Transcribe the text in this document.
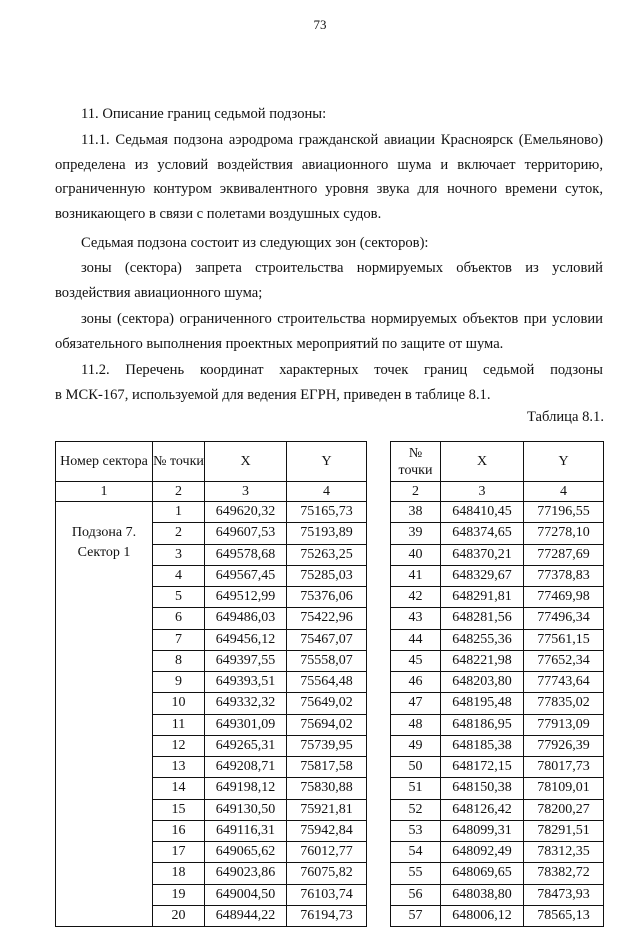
73

11. Описание границ седьмой подзоны:

11.1. Седьмая подзона аэродрома гражданской авиации Красноярск (Емельяново)
определена из условий воздействия авиационного шума и включает территорию,
ограниченную контуром эквивалентного уровня звука для ночного времени суток,
возникающего в связи с полетами воздушных судов.

Седьмая подзона состоит из следующих зон (секторов):

зоны (сектора) запрета строительства нормируемых объектов из условий
воздействия авиационного шума;
зоны (сектора) ограниченного строительства нормируемых объектов при условии
обязательного выполнения проектных мероприятий по защите от шума.
11.2. Перечень координат характерных точек границ седьмой подзоны
в МСК-167, используемой для ведения ЕГРН, приведен в таблице 8.1.
Таблица 8.1.
Номер сектора	№ точки	X	Y
1	2	3	4
Подзона 7. Сектор 1	1	649620,32	75165,73
	2	649607,53	75193,89
	3	649578,68	75263,25
	4	649567,45	75285,03
	5	649512,99	75376,06
	6	649486,03	75422,96
	7	649456,12	75467,07
	8	649397,55	75558,07
	9	649393,51	75564,48
	10	649332,32	75649,02
	11	649301,09	75694,02
	12	649265,31	75739,95
	13	649208,71	75817,58
	14	649198,12	75830,88
	15	649130,50	75921,81
	16	649116,31	75942,84
	17	649065,62	76012,77
	18	649023,86	76075,82
	19	649004,50	76103,74
	20	648944,22	76194,73
№ точки	X	Y
2	3	4
38	648410,45	77196,55
39	648374,65	77278,10
40	648370,21	77287,69
41	648329,67	77378,83
42	648291,81	77469,98
43	648281,56	77496,34
44	648255,36	77561,15
45	648221,98	77652,34
46	648203,80	77743,64
47	648195,48	77835,02
48	648186,95	77913,09
49	648185,38	77926,39
50	648172,15	78017,73
51	648150,38	78109,01
52	648126,42	78200,27
53	648099,31	78291,51
54	648092,49	78312,35
55	648069,65	78382,72
56	648038,80	78473,93
57	648006,12	78565,13
